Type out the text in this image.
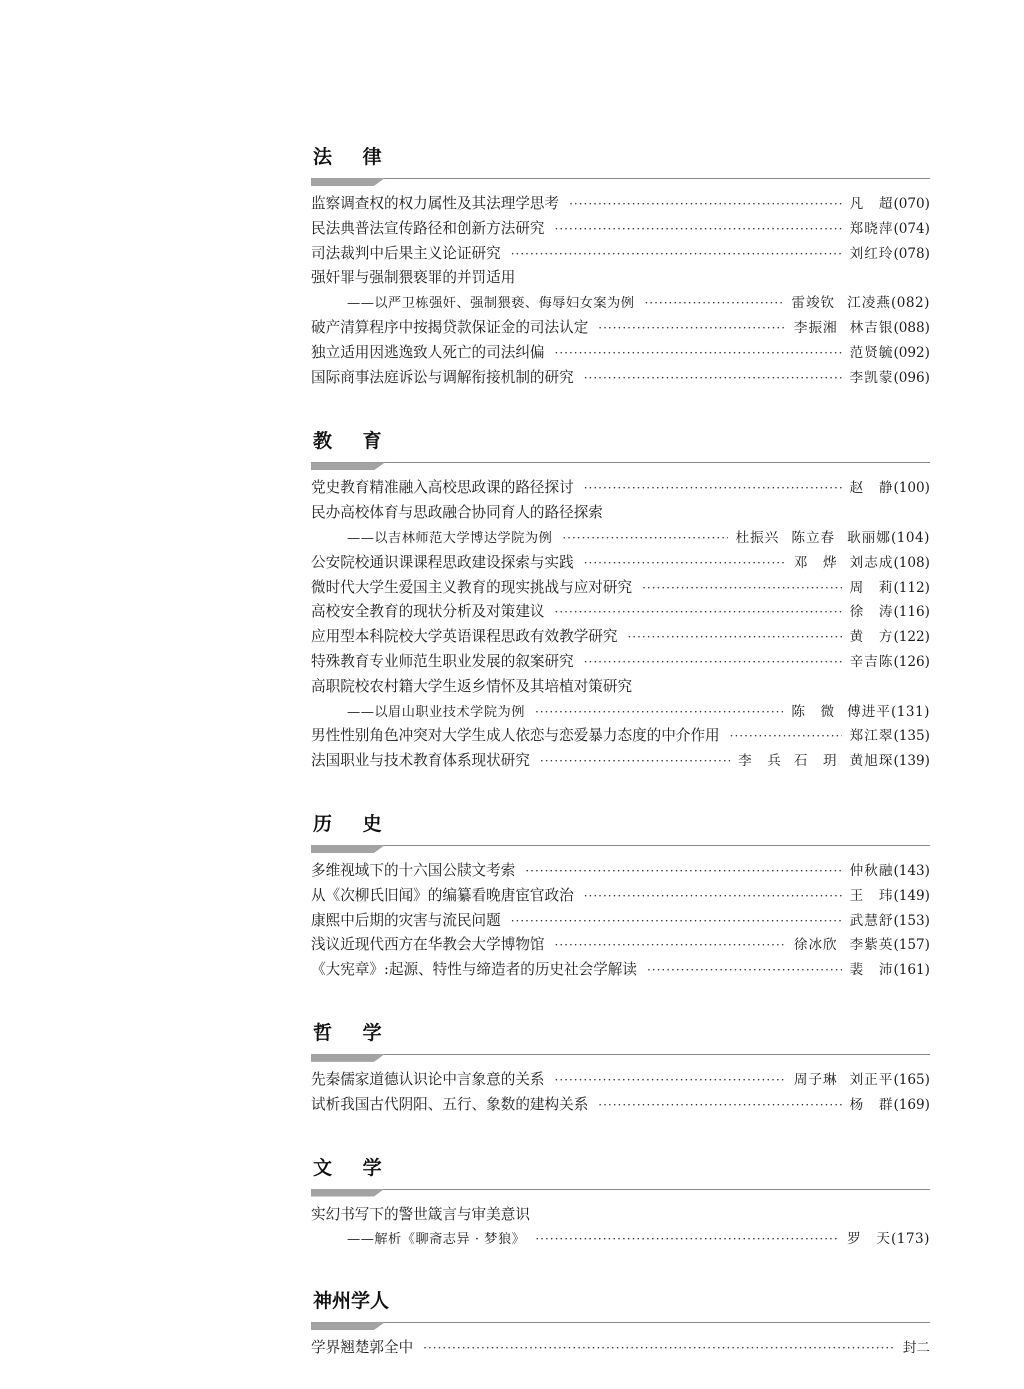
法 律
监察调查权的权力属性及其法理学思考 ·····	凡　超 (070)
民法典普法宣传路径和创新方法研究 ·····	郑晓萍 (074)
司法裁判中后果主义论证研究 ·····	刘红玲 (078)
强奸罪与强制猥亵罪的并罚适用
——以严卫栋强奸、强制猥亵、侮辱妇女案为例 ·····	雷竣钦 江凌燕 (082)
破产清算程序中按揭贷款保证金的司法认定 ·····	李振湘 林吉银 (088)
独立适用因逃逸致人死亡的司法纠偏 ·····	范贤毓 (092)
国际商事法庭诉讼与调解衔接机制的研究 ·····	李凯蒙 (096)
教 育
党史教育精准融入高校思政课的路径探讨 ·····	赵　静 (100)
民办高校体育与思政融合协同育人的路径探索
——以吉林师范大学博达学院为例 ·····	杜振兴 陈立春 耿丽娜 (104)
公安院校通识课课程思政建设探索与实践 ·····	邓　烨 刘志成 (108)
微时代大学生爱国主义教育的现实挑战与应对研究 ·····	周　莉 (112)
高校安全教育的现状分析及对策建议 ·····	徐　涛 (116)
应用型本科院校大学英语课程思政有效教学研究 ·····	黄　方 (122)
特殊教育专业师范生职业发展的叙案研究 ·····	辛吉陈 (126)
高职院校农村籍大学生返乡情怀及其培植对策研究
——以眉山职业技术学院为例 ·····	陈　微 傅进平 (131)
男性性别角色冲突对大学生成人依恋与恋爱暴力态度的中介作用 ·····	郑江翠 (135)
法国职业与技术教育体系现状研究 ·····	李　兵 石　玥 黄旭琛 (139)
历 史
多维视域下的十六国公牍文考索 ·····	仲秋融 (143)
从《次柳氏旧闻》的编纂看晚唐宦官政治 ·····	王　玮 (149)
康熙中后期的灾害与流民问题 ·····	武慧舒 (153)
浅议近现代西方在华教会大学博物馆 ·····	徐冰欣 李紫英 (157)
《大宪章》:起源、特性与缔造者的历史社会学解读 ·····	裴　沛 (161)
哲 学
先秦儒家道德认识论中言象意的关系 ·····	周子琳 刘正平 (165)
试析我国古代阴阳、五行、象数的建构关系 ·····	杨　群 (169)
文 学
实幻书写下的警世箴言与审美意识
——解析《聊斋志异 · 梦狼》 ·····	罗　天 (173)
神州学人
学界翘楚郭全中 ·····	封二
